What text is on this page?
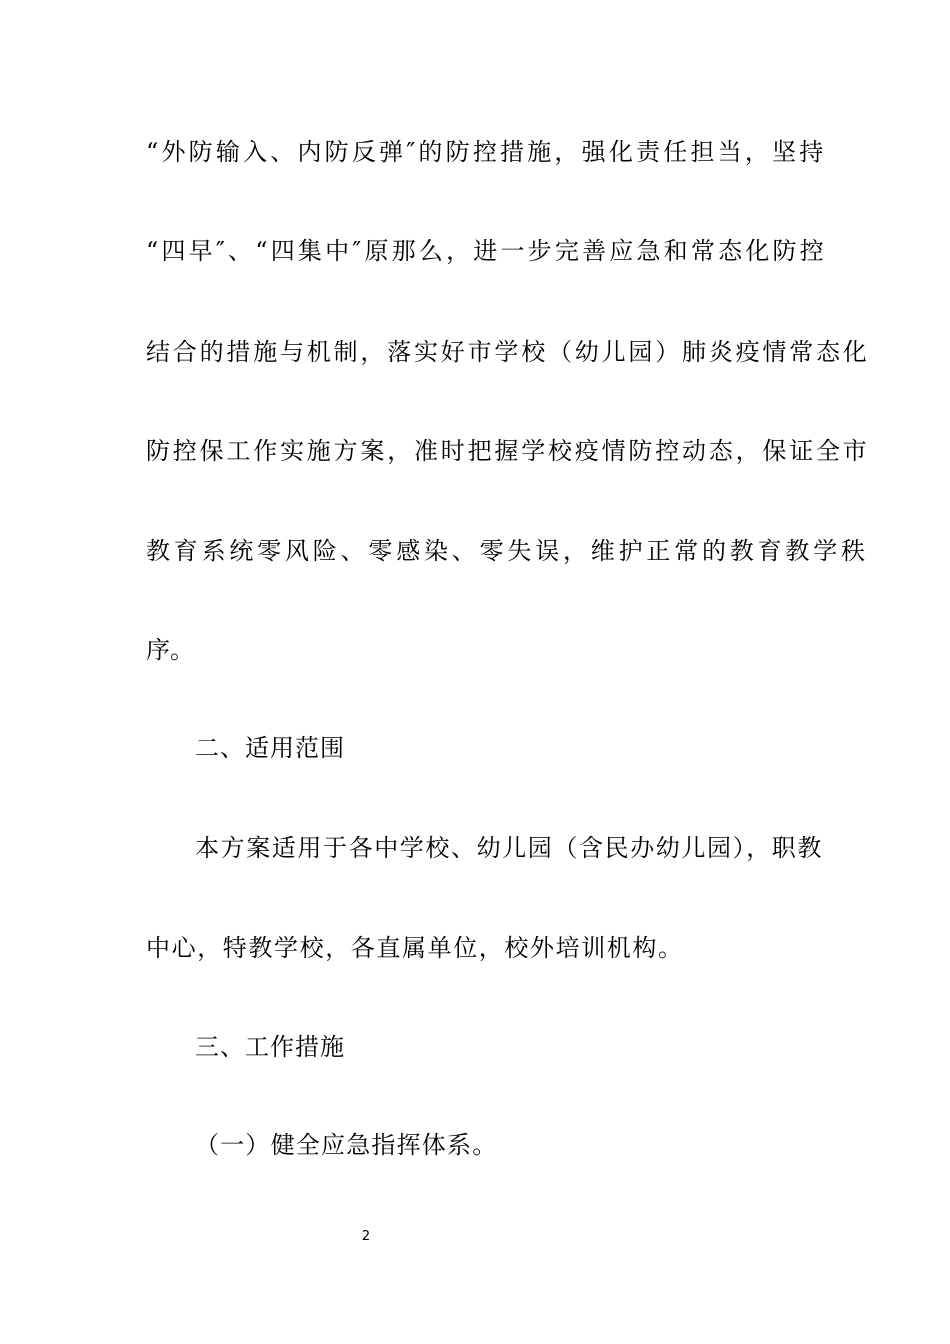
“外防输入、内防反弹″的防控措施，强化责任担当，坚持
“四早″、“四集中″原那么，进一步完善应急和常态化防控
结合的措施与机制，落实好市学校（幼儿园）肺炎疫情常态化
防控保工作实施方案，准时把握学校疫情防控动态，保证全市
教育系统零风险、零感染、零失误，维护正常的教育教学秩
序。
二、适用范围
本方案适用于各中学校、幼儿园（含民办幼儿园），职教
中心，特教学校，各直属单位，校外培训机构。
三、工作措施
（一）健全应急指挥体系。
2
